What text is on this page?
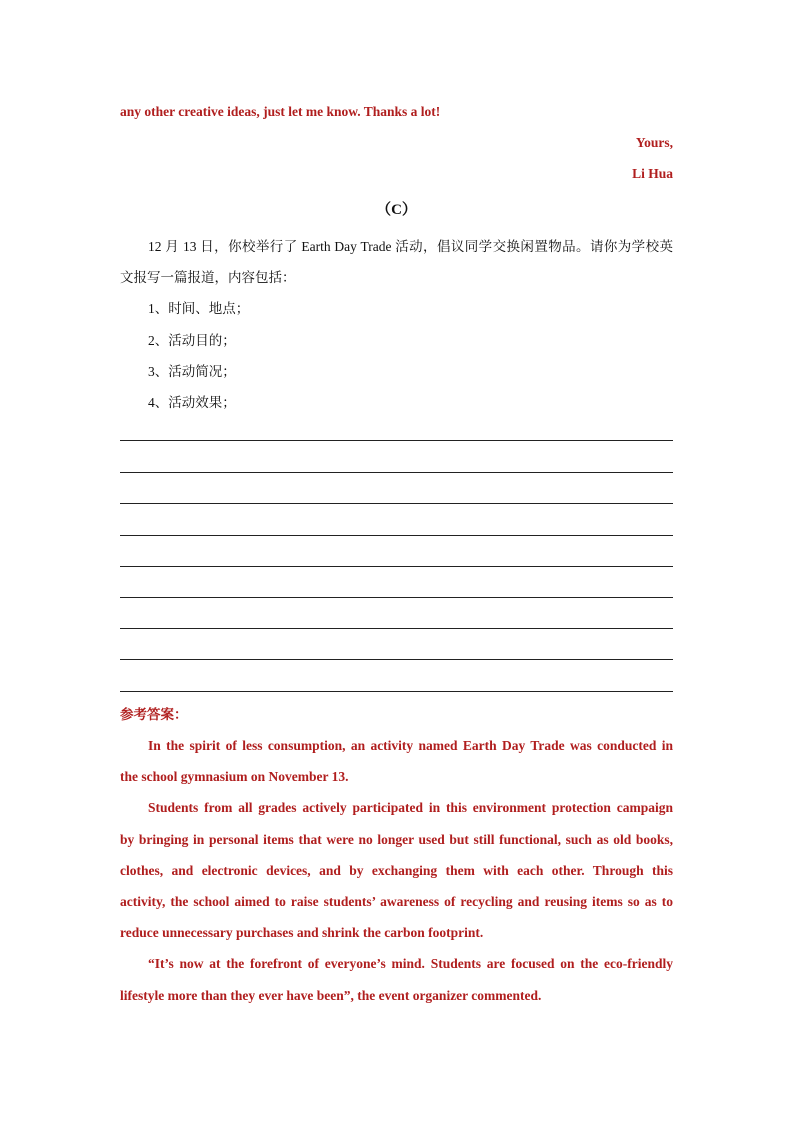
any other creative ideas, just let me know. Thanks a lot!
Yours,
Li Hua
（C）
12 月 13 日，你校举行了 Earth Day Trade 活动，倡议同学交换闲置物品。请你为学校英
文报写一篇报道，内容包括：
1、时间、地点；
2、活动目的；
3、活动简况；
4、活动效果；
参考答案：
In the spirit of less consumption, an activity named Earth Day Trade was conducted in
the school gymnasium on November 13.
Students from all grades actively participated in this environment protection campaign
by bringing in personal items that were no longer used but still functional, such as old books,
clothes, and electronic devices, and by exchanging them with each other. Through this
activity, the school aimed to raise students’ awareness of recycling and reusing items so as to
reduce unnecessary purchases and shrink the carbon footprint.
“It’s now at the forefront of everyone’s mind. Students are focused on the eco-friendly
lifestyle more than they ever have been”, the event organizer commented.
